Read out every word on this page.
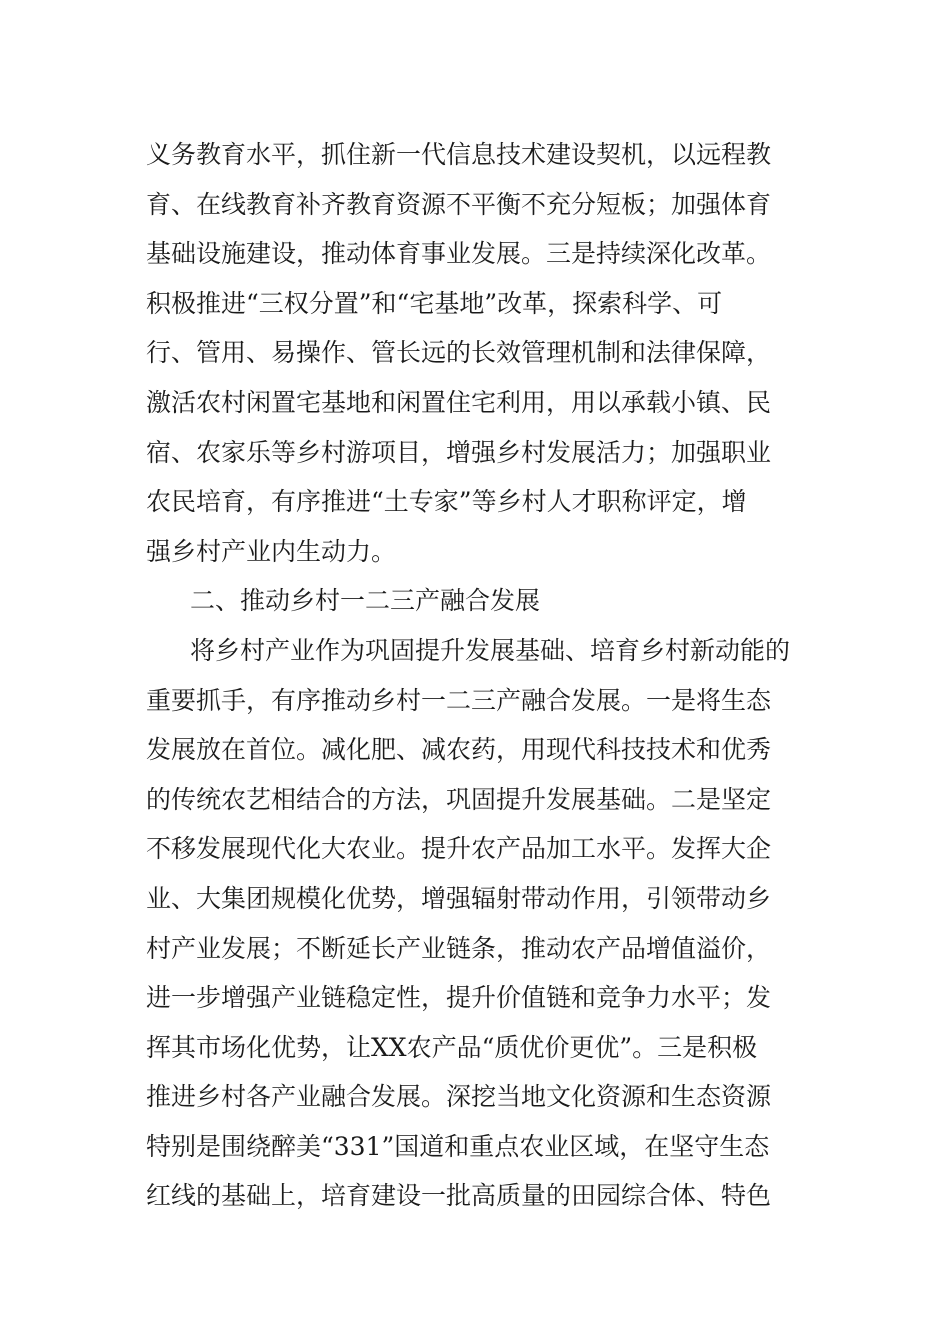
义务教育水平，抓住新一代信息技术建设契机，以远程教
育、在线教育补齐教育资源不平衡不充分短板；加强体育
基础设施建设，推动体育事业发展。三是持续深化改革。
积极推进“三权分置”和“宅基地”改革，探索科学、可
行、管用、易操作、管长远的长效管理机制和法律保障，
激活农村闲置宅基地和闲置住宅利用，用以承载小镇、民
宿、农家乐等乡村游项目，增强乡村发展活力；加强职业
农民培育，有序推进“土专家”等乡村人才职称评定，增
强乡村产业内生动力。
二、推动乡村一二三产融合发展
将乡村产业作为巩固提升发展基础、培育乡村新动能的
重要抓手，有序推动乡村一二三产融合发展。一是将生态
发展放在首位。减化肥、减农药，用现代科技技术和优秀
的传统农艺相结合的方法，巩固提升发展基础。二是坚定
不移发展现代化大农业。提升农产品加工水平。发挥大企
业、大集团规模化优势，增强辐射带动作用，引领带动乡
村产业发展；不断延长产业链条，推动农产品增值溢价，
进一步增强产业链稳定性，提升价值链和竞争力水平；发
挥其市场化优势，让XX农产品“质优价更优”。三是积极
推进乡村各产业融合发展。深挖当地文化资源和生态资源
特别是围绕醉美“331”国道和重点农业区域，在坚守生态
红线的基础上，培育建设一批高质量的田园综合体、特色
